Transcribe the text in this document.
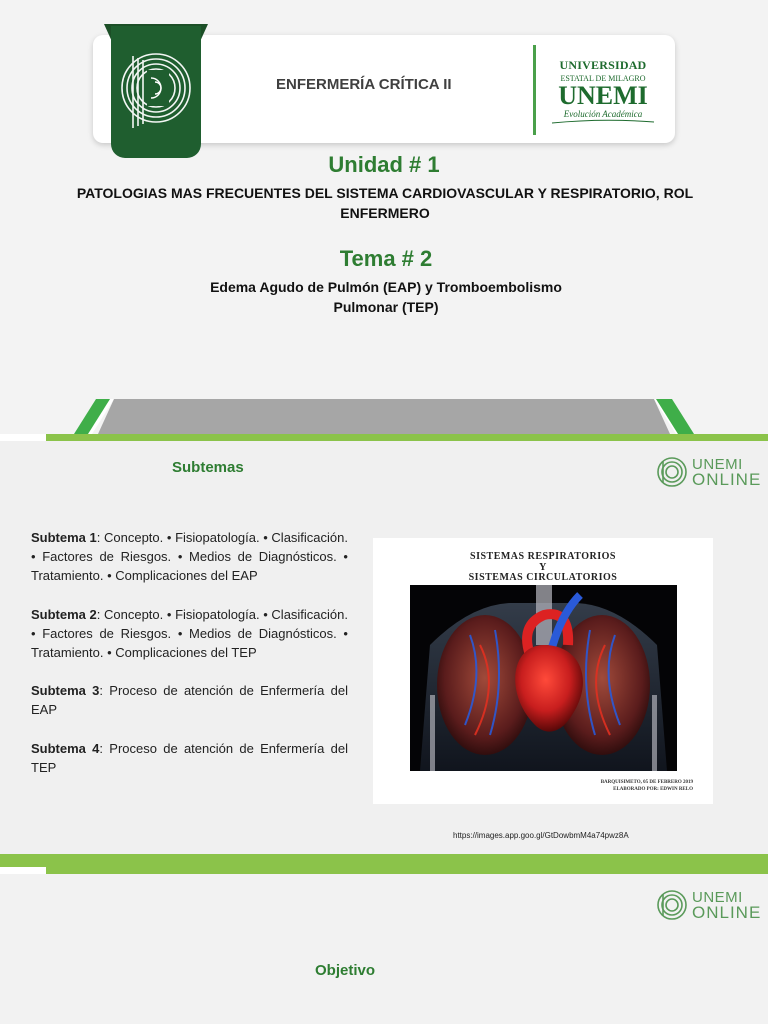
ENFERMERÍA CRÍTICA II
UNIVERSIDAD
ESTATAL DE MILAGRO
UNEMI
Evolución Académica
Unidad # 1
PATOLOGIAS MAS FRECUENTES DEL SISTEMA CARDIOVASCULAR Y RESPIRATORIO, ROL ENFERMERO
Tema # 2
Edema Agudo de Pulmón (EAP) y Tromboembolismo Pulmonar (TEP)
Subtemas	UNEMI
ONLINE
Subtema 1: Concepto. • Fisiopatología. • Clasificación. • Factores de Riesgos. • Medios de Diagnósticos. • Tratamiento. • Complicaciones del EAP
Subtema 2: Concepto. • Fisiopatología. • Clasificación. • Factores de Riesgos. • Medios de Diagnósticos. • Tratamiento. • Complicaciones del TEP
Subtema 3: Proceso de atención de Enfermería del EAP
Subtema 4: Proceso de atención de Enfermería del TEP
SISTEMAS RESPIRATORIOS
Y
SISTEMAS CIRCULATORIOS
BARQUISIMETO, 05 DE FEBRERO 2019
ELABORADO POR: EDWIN RELO
https://images.app.goo.gl/GtDowbmM4a74pwz8A
UNEMI
ONLINE
Objetivo
